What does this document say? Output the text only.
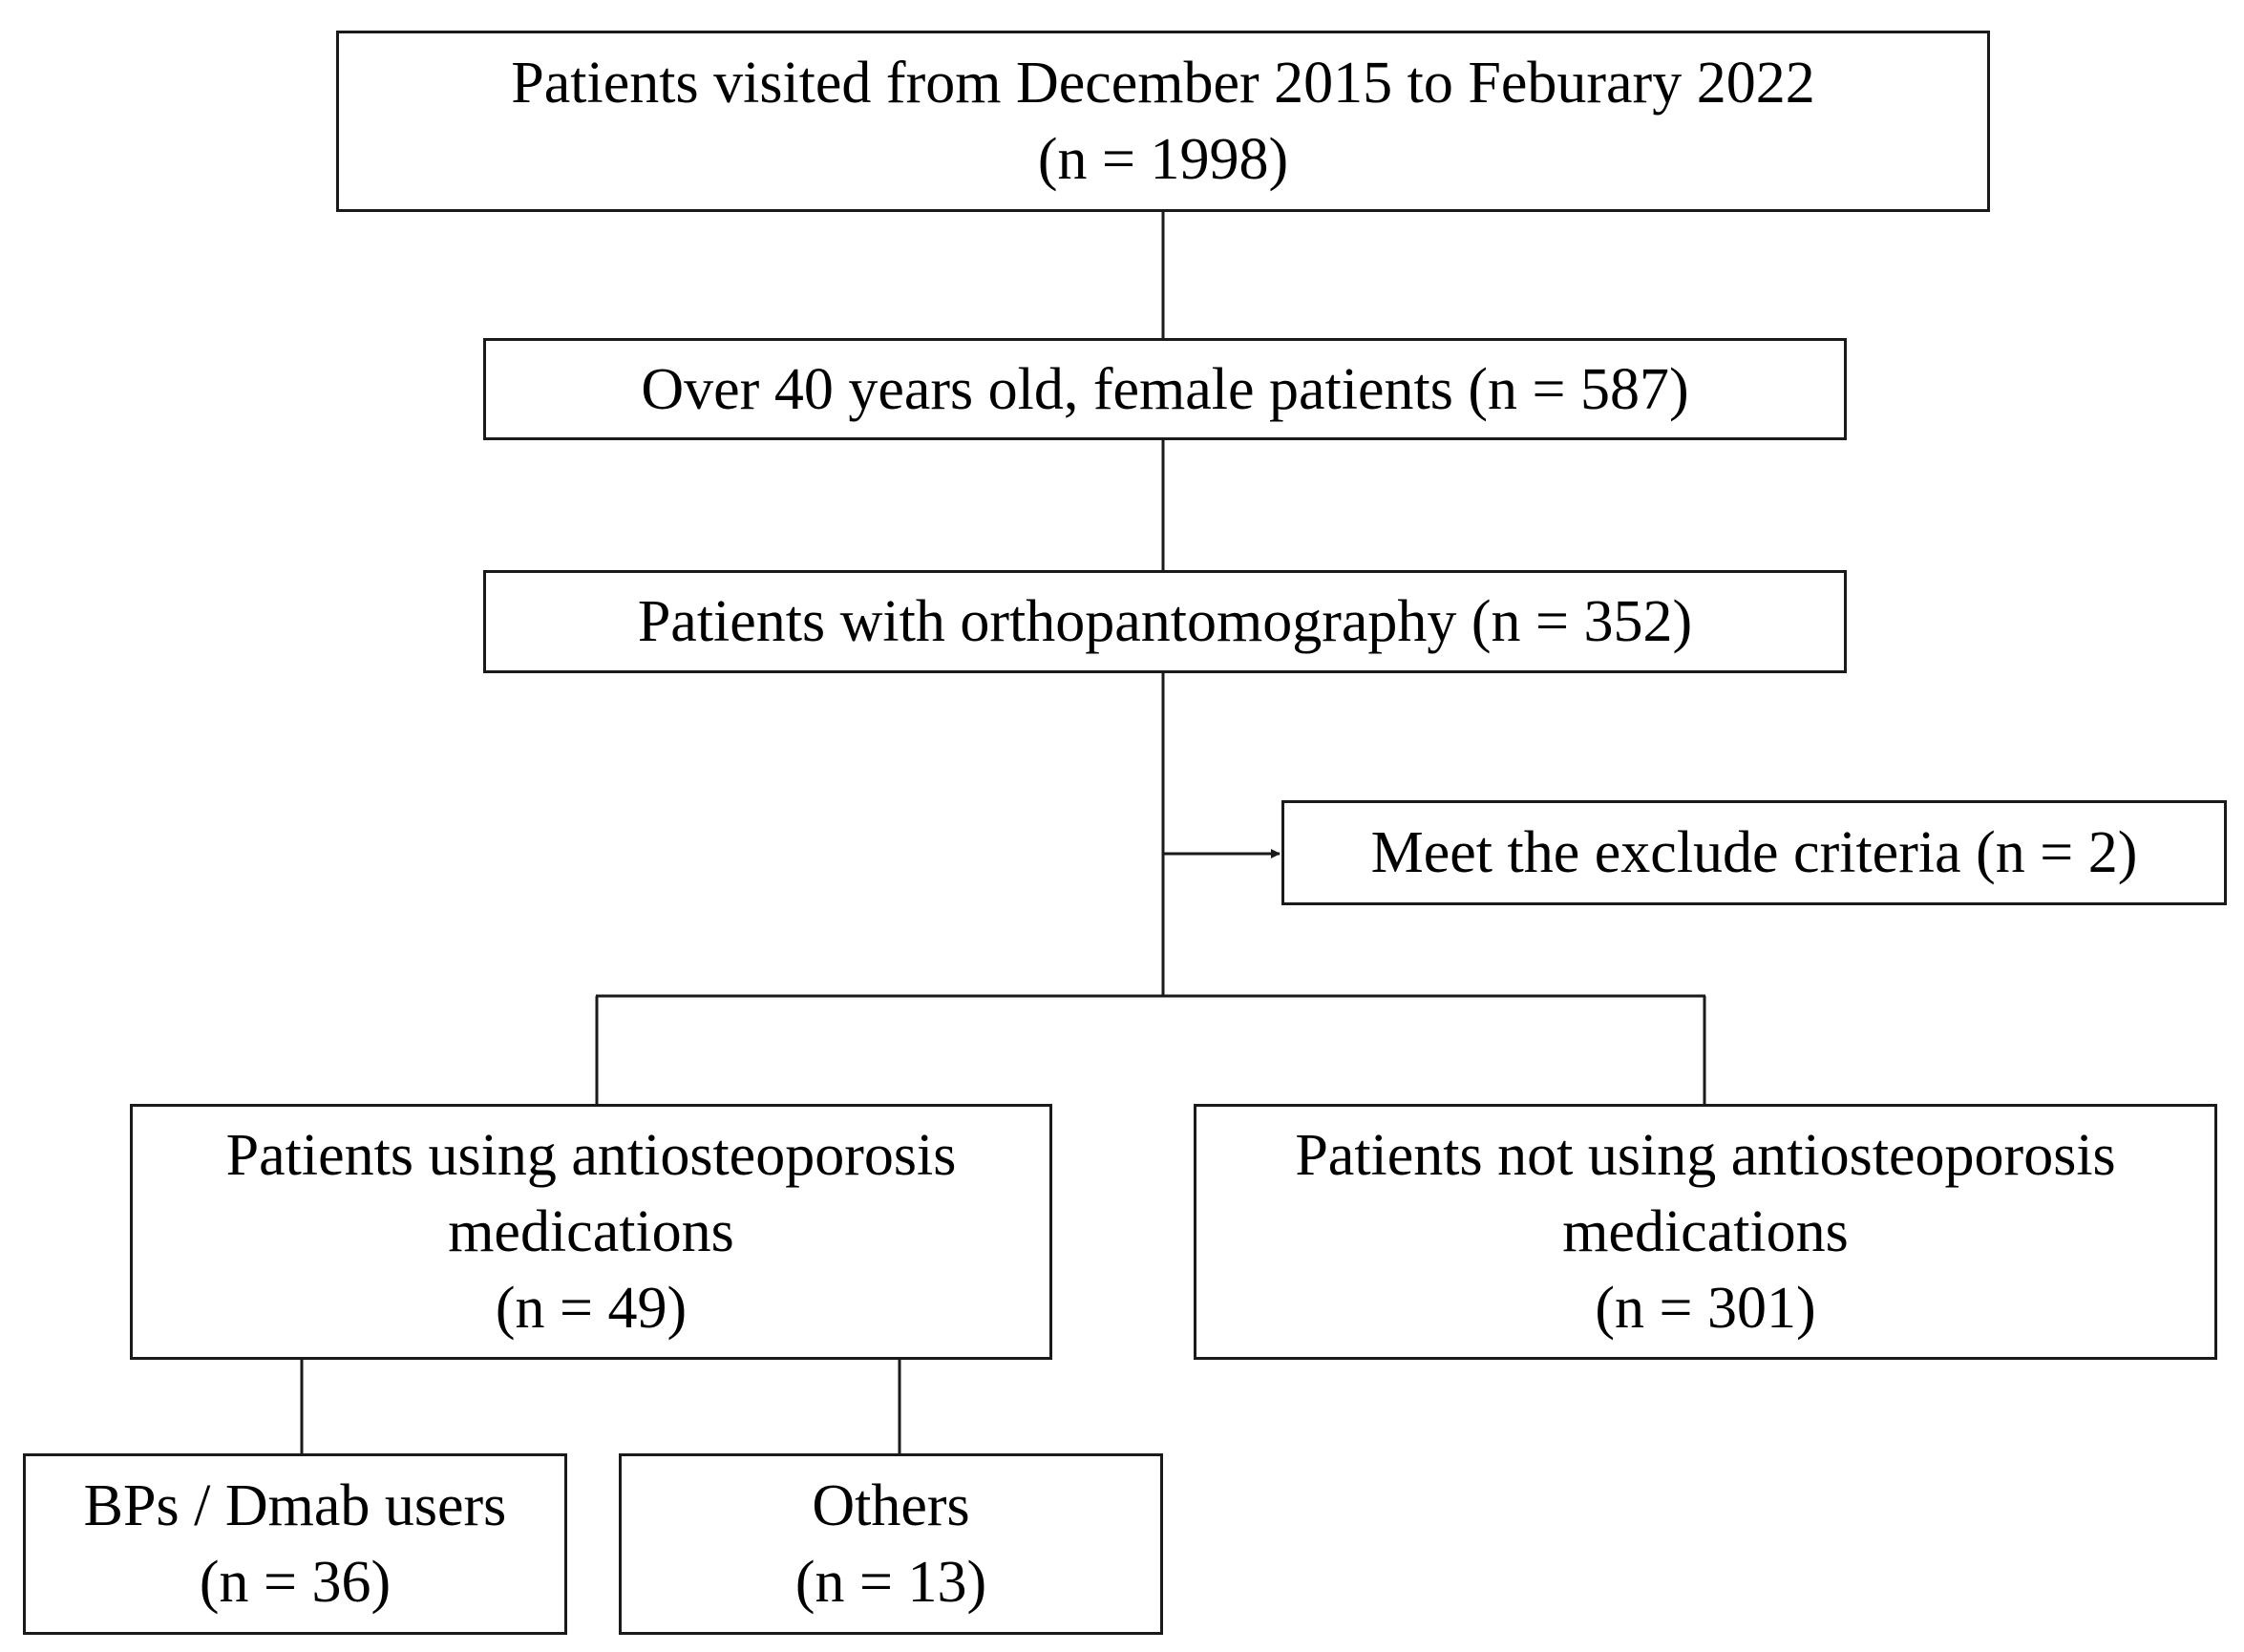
Patients visited from December 2015 to Feburary 2022
(n = 1998)
Over 40 years old, female patients (n = 587)
Patients with orthopantomography (n = 352)
Meet the exclude criteria (n = 2)
Patients using antiosteoporosis
medications
(n = 49)
Patients not using antiosteoporosis
medications
(n = 301)
BPs / Dmab users
(n = 36)
Others
(n = 13)
